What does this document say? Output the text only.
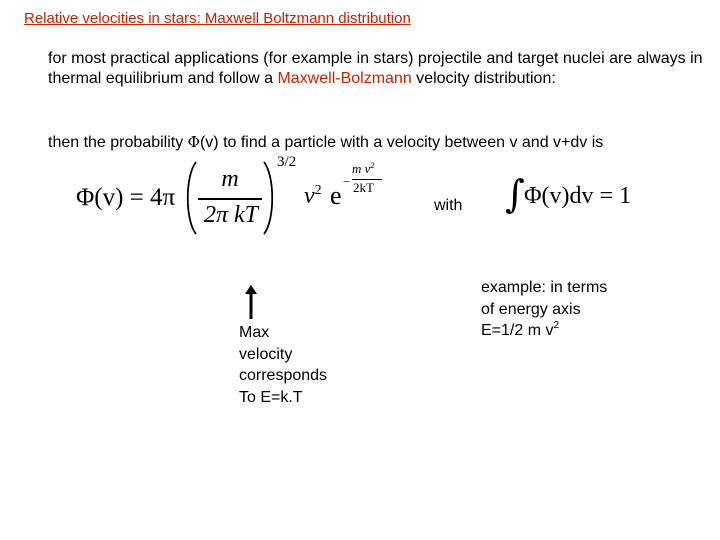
Relative velocities in stars: Maxwell Boltzmann distribution
for most practical applications (for example in stars) projectile and target nuclei are always in thermal equilibrium and follow a Maxwell-Bolzmann velocity distribution:
then the probability Φ(v) to find a particle with a velocity between v and v+dv is
Φ(v) = 4π
m
2π kT
3/2
$v^2$ e −
m $v^2$
2kT
with ∫ Φ(v)dv = 1
Max
velocity
corresponds
To E=k.T
example: in terms
of energy axis
E=1/2 m $v^2$
